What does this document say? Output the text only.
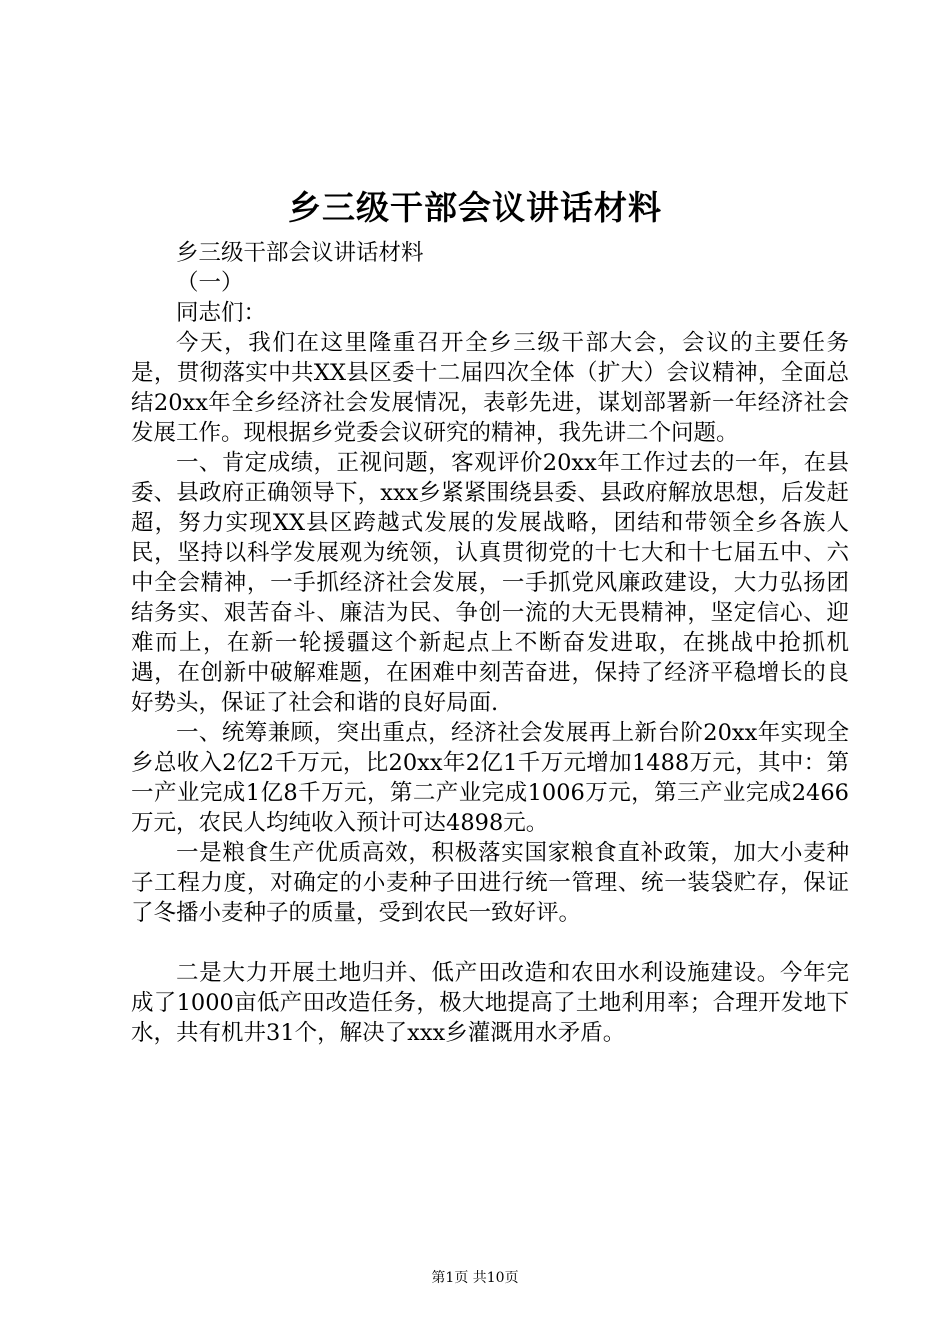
乡三级干部会议讲话材料

乡三级干部会议讲话材料

（一）

同志们：

今天，我们在这里隆重召开全乡三级干部大会，会议的主要任务是，贯彻落实中共XX县区委十二届四次全体（扩大）会议精神，全面总结20xx年全乡经济社会发展情况，表彰先进，谋划部署新一年经济社会发展工作。现根据乡党委会议研究的精神，我先讲二个问题。

一、肯定成绩，正视问题，客观评价20xx年工作过去的一年，在县委、县政府正确领导下，xxx乡紧紧围绕县委、县政府解放思想，后发赶超，努力实现XX县区跨越式发展的发展战略，团结和带领全乡各族人民，坚持以科学发展观为统领，认真贯彻党的十七大和十七届五中、六中全会精神，一手抓经济社会发展，一手抓党风廉政建设，大力弘扬团结务实、艰苦奋斗、廉洁为民、争创一流的大无畏精神，坚定信心、迎难而上，在新一轮援疆这个新起点上不断奋发进取，在挑战中抢抓机遇，在创新中破解难题，在困难中刻苦奋进，保持了经济平稳增长的良好势头，保证了社会和谐的良好局面.

一、统筹兼顾，突出重点，经济社会发展再上新台阶20xx年实现全乡总收入2亿2千万元，比20xx年2亿1千万元增加1488万元，其中：第一产业完成1亿8千万元，第二产业完成1006万元，第三产业完成2466万元，农民人均纯收入预计可达4898元。

一是粮食生产优质高效，积极落实国家粮食直补政策，加大小麦种子工程力度，对确定的小麦种子田进行统一管理、统一装袋贮存，保证了冬播小麦种子的质量，受到农民一致好评。

二是大力开展土地归并、低产田改造和农田水利设施建设。今年完成了1000亩低产田改造任务，极大地提高了土地利用率；合理开发地下水，共有机井31个，解决了xxx乡灌溉用水矛盾。

第1页 共10页
